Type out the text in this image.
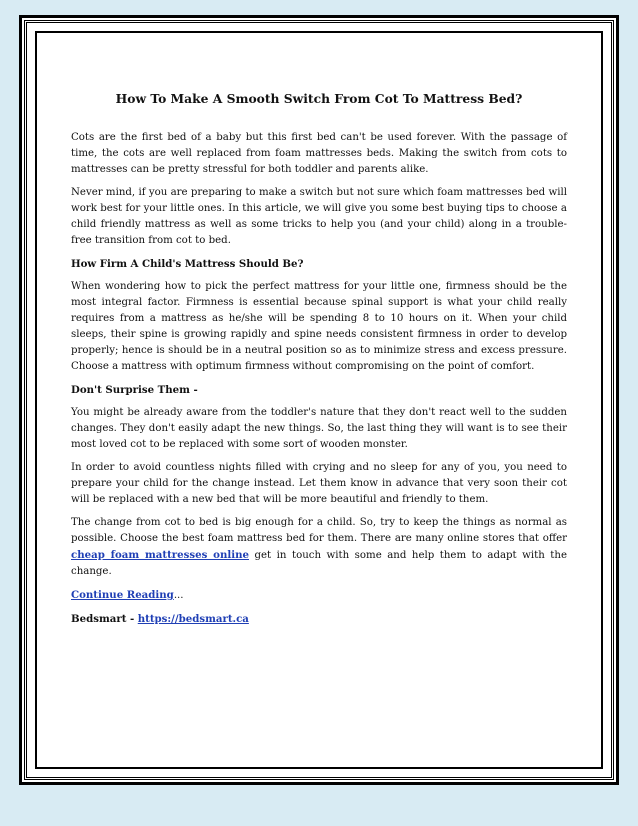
How To Make A Smooth Switch From Cot To Mattress Bed?

Cots are the first bed of a baby but this first bed can't be used forever. With the passage of time, the cots are well replaced from foam mattresses beds. Making the switch from cots to mattresses can be pretty stressful for both toddler and parents alike.

Never mind, if you are preparing to make a switch but not sure which foam mattresses bed will work best for your little ones. In this article, we will give you some best buying tips to choose a child friendly mattress as well as some tricks to help you (and your child) along in a trouble-free transition from cot to bed.

How Firm A Child's Mattress Should Be?

When wondering how to pick the perfect mattress for your little one, firmness should be the most integral factor. Firmness is essential because spinal support is what your child really requires from a mattress as he/she will be spending 8 to 10 hours on it. When your child sleeps, their spine is growing rapidly and spine needs consistent firmness in order to develop properly; hence is should be in a neutral position so as to minimize stress and excess pressure. Choose a mattress with optimum firmness without compromising on the point of comfort.

Don't Surprise Them -

You might be already aware from the toddler's nature that they don't react well to the sudden changes. They don't easily adapt the new things. So, the last thing they will want is to see their most loved cot to be replaced with some sort of wooden monster.

In order to avoid countless nights filled with crying and no sleep for any of you, you need to prepare your child for the change instead. Let them know in advance that very soon their cot will be replaced with a new bed that will be more beautiful and friendly to them.

The change from cot to bed is big enough for a child. So, try to keep the things as normal as possible. Choose the best foam mattress bed for them. There are many online stores that offer cheap foam mattresses online get in touch with some and help them to adapt with the change.

Continue Reading...

Bedsmart - https://bedsmart.ca
